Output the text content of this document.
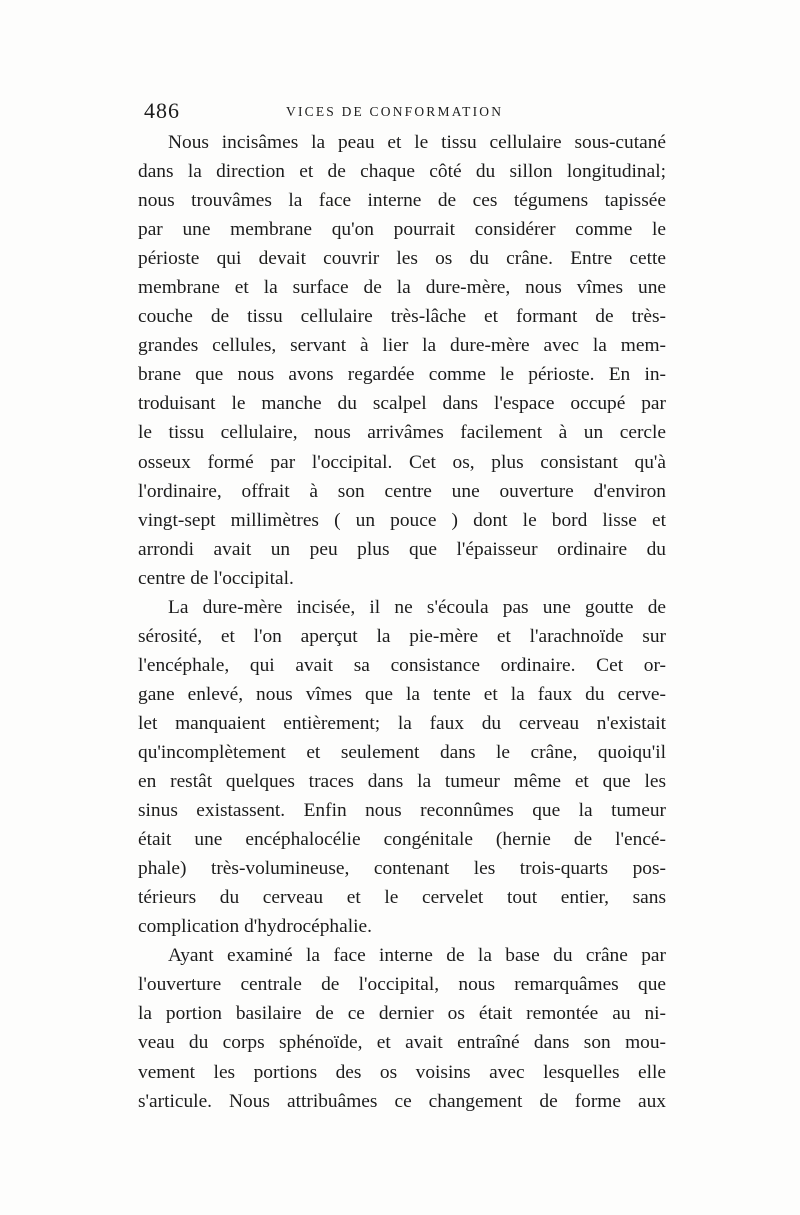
486	VICES DE CONFORMATION
Nous incisâmes la peau et le tissu cellulaire sous-cutané
dans la direction et de chaque côté du sillon longitudinal;
nous trouvâmes la face interne de ces tégumens tapissée
par une membrane qu'on pourrait considérer comme le
périoste qui devait couvrir les os du crâne. Entre cette
membrane et la surface de la dure-mère, nous vîmes une
couche de tissu cellulaire très-lâche et formant de très-
grandes cellules, servant à lier la dure-mère avec la mem-
brane que nous avons regardée comme le périoste. En in-
troduisant le manche du scalpel dans l'espace occupé par
le tissu cellulaire, nous arrivâmes facilement à un cercle
osseux formé par l'occipital. Cet os, plus consistant qu'à
l'ordinaire, offrait à son centre une ouverture d'environ
vingt-sept millimètres ( un pouce ) dont le bord lisse et
arrondi avait un peu plus que l'épaisseur ordinaire du
centre de l'occipital.
La dure-mère incisée, il ne s'écoula pas une goutte de
sérosité, et l'on aperçut la pie-mère et l'arachnoïde sur
l'encéphale, qui avait sa consistance ordinaire. Cet or-
gane enlevé, nous vîmes que la tente et la faux du cerve-
let manquaient entièrement; la faux du cerveau n'existait
qu'incomplètement et seulement dans le crâne, quoiqu'il
en restât quelques traces dans la tumeur même et que les
sinus existassent. Enfin nous reconnûmes que la tumeur
était une encéphalocélie congénitale (hernie de l'encé-
phale) très-volumineuse, contenant les trois-quarts pos-
térieurs du cerveau et le cervelet tout entier, sans
complication d'hydrocéphalie.
Ayant examiné la face interne de la base du crâne par
l'ouverture centrale de l'occipital, nous remarquâmes que
la portion basilaire de ce dernier os était remontée au ni-
veau du corps sphénoïde, et avait entraîné dans son mou-
vement les portions des os voisins avec lesquelles elle
s'articule. Nous attribuâmes ce changement de forme aux
